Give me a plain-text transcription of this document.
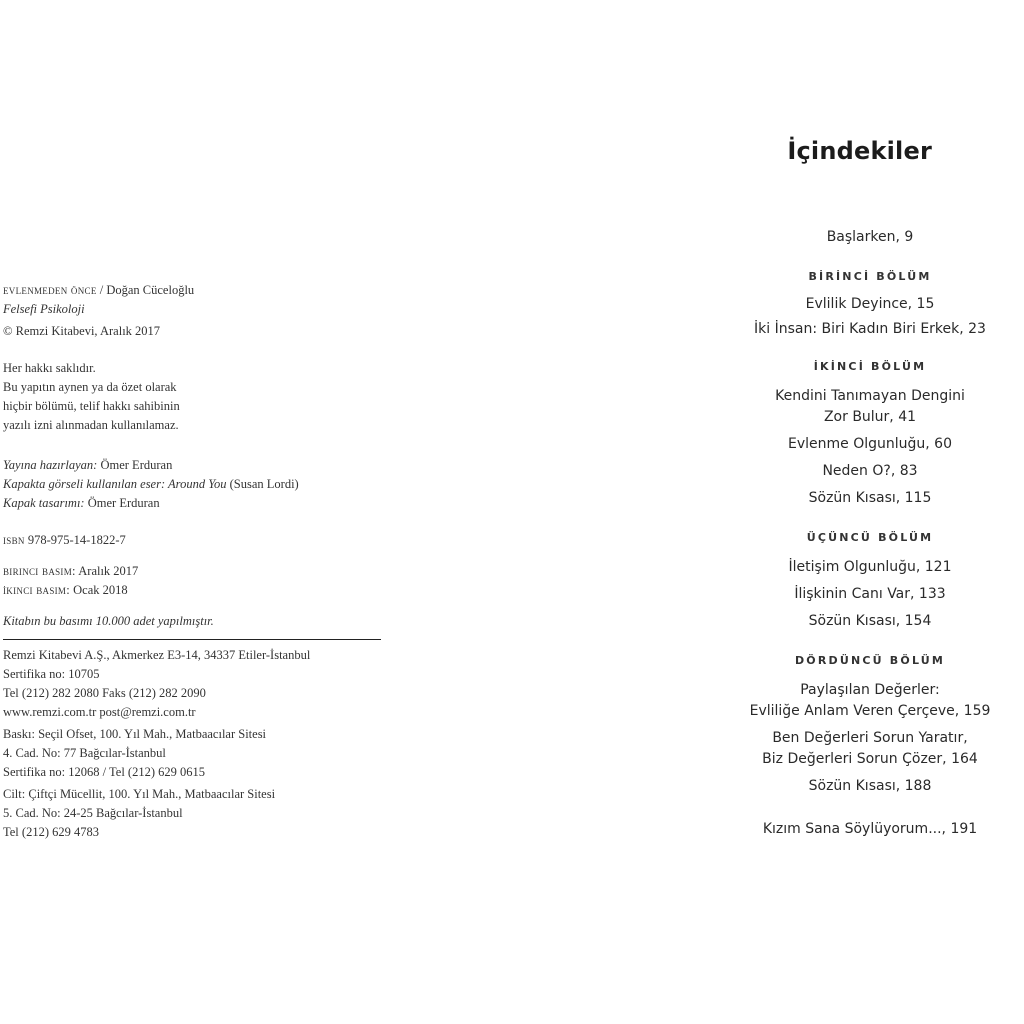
evlenmeden önce / Doğan Cüceloğlu
Felsefi Psikoloji
© Remzi Kitabevi, Aralık 2017
Her hakkı saklıdır.
Bu yapıtın aynen ya da özet olarak
hiçbir bölümü, telif hakkı sahibinin
yazılı izni alınmadan kullanılamaz.
Yayına hazırlayan: Ömer Erduran
Kapakta görseli kullanılan eser: Around You (Susan Lordi)
Kapak tasarımı: Ömer Erduran
isbn 978-975-14-1822-7
birinci basım: Aralık 2017
i̇kinci basım: Ocak 2018
Kitabın bu basımı 10.000 adet yapılmıştır.
Remzi Kitabevi A.Ş., Akmerkez E3-14, 34337 Etiler-İstanbul
Sertifika no: 10705
Tel (212) 282 2080 Faks (212) 282 2090
www.remzi.com.tr post@remzi.com.tr
Baskı: Seçil Ofset, 100. Yıl Mah., Matbaacılar Sitesi
4. Cad. No: 77 Bağcılar-İstanbul
Sertifika no: 12068 / Tel (212) 629 0615
Cilt: Çiftçi Mücellit, 100. Yıl Mah., Matbaacılar Sitesi
5. Cad. No: 24-25 Bağcılar-İstanbul
Tel (212) 629 4783
İçindekiler
Başlarken, 9
BİRİNCİ BÖLÜM
Evlilik Deyince, 15
İki İnsan: Biri Kadın Biri Erkek, 23
İKİNCİ BÖLÜM
Kendini Tanımayan Dengini
Zor Bulur, 41
Evlenme Olgunluğu, 60
Neden O?, 83
Sözün Kısası, 115
ÜÇÜNCÜ BÖLÜM
İletişim Olgunluğu, 121
İlişkinin Canı Var, 133
Sözün Kısası, 154
DÖRDÜNCÜ BÖLÜM
Paylaşılan Değerler:
Evliliğe Anlam Veren Çerçeve, 159
Ben Değerleri Sorun Yaratır,
Biz Değerleri Sorun Çözer, 164
Sözün Kısası, 188
Kızım Sana Söylüyorum..., 191
